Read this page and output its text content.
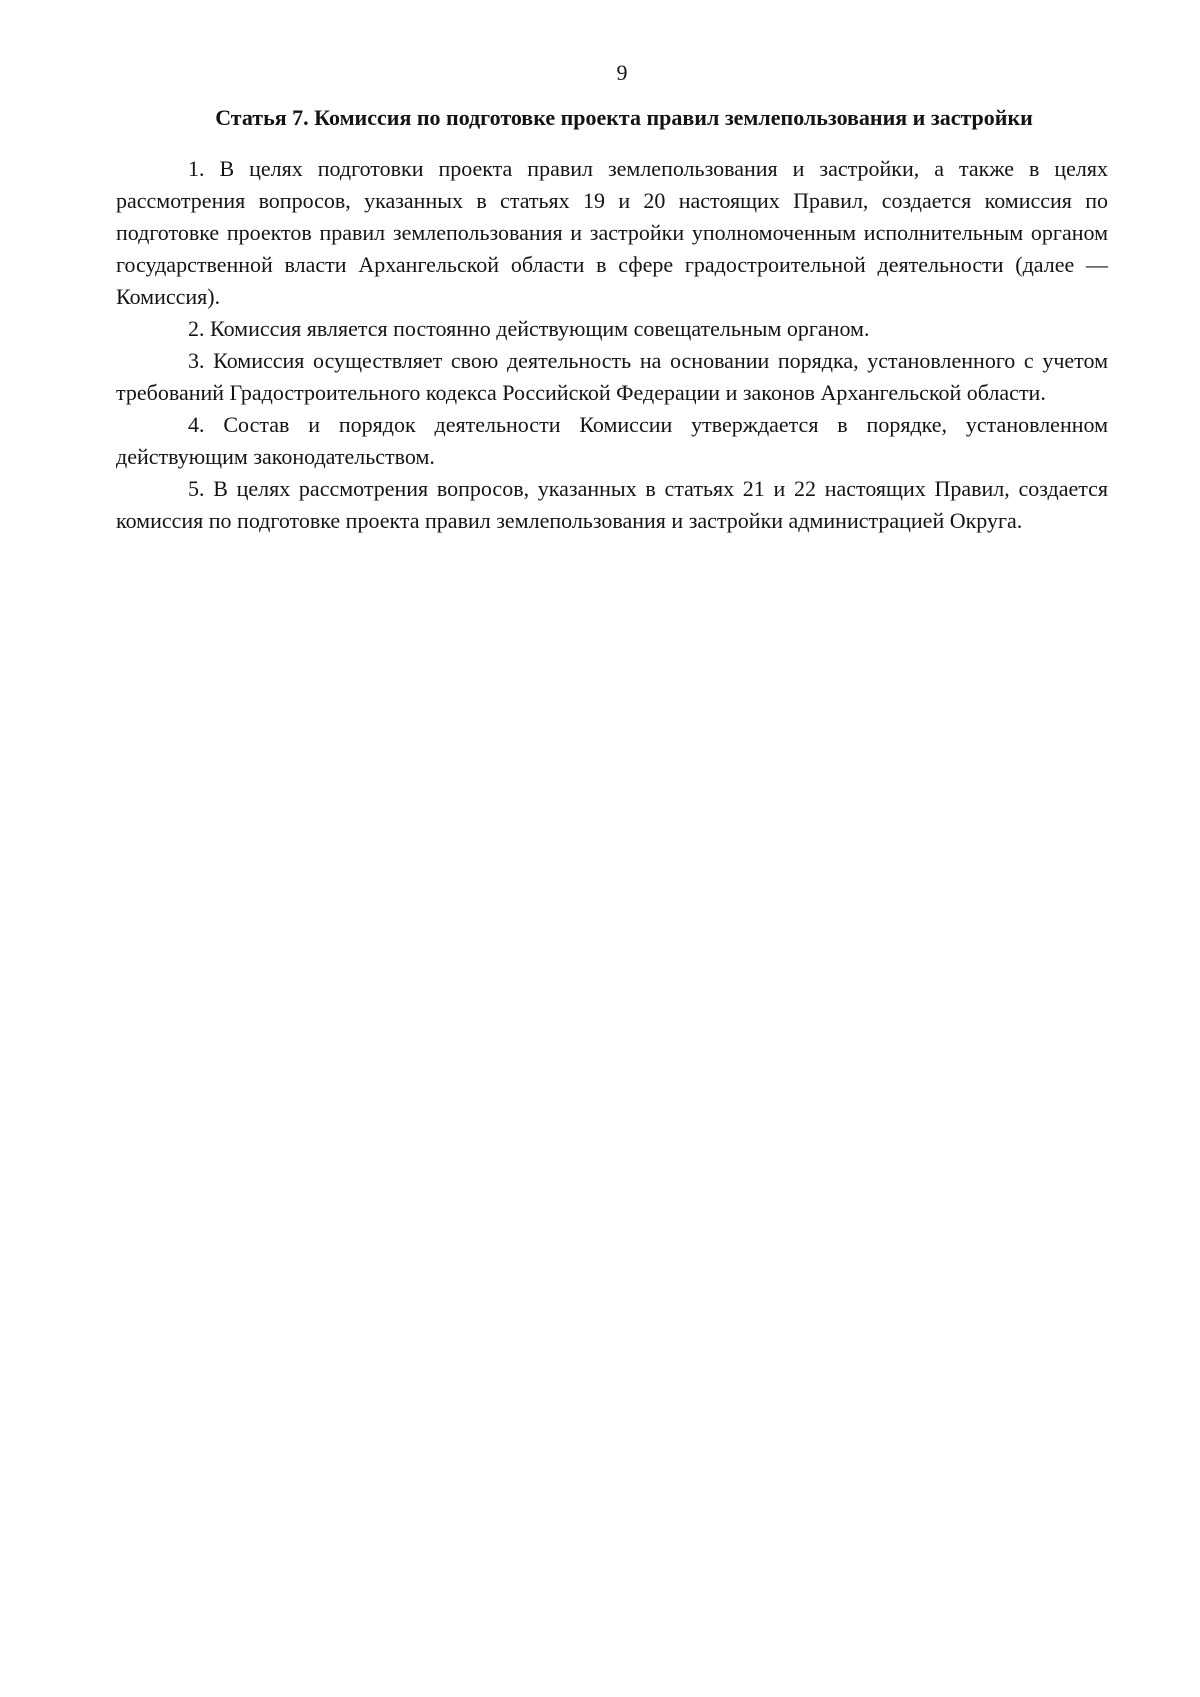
9
Статья 7. Комиссия по подготовке проекта правил землепользования и застройки

1. В целях подготовки проекта правил землепользования и застройки, а также в целях рассмотрения вопросов, указанных в статьях 19 и 20 настоящих Правил, создается комиссия по подготовке проектов правил землепользования и застройки уполномоченным исполнительным органом государственной власти Архангельской области в сфере градостроительной деятельности (далее — Комиссия).

2. Комиссия является постоянно действующим совещательным органом.

3. Комиссия осуществляет свою деятельность на основании порядка, установленного с учетом требований Градостроительного кодекса Российской Федерации и законов Архангельской области.

4. Состав и порядок деятельности Комиссии утверждается в порядке, установленном действующим законодательством.

5. В целях рассмотрения вопросов, указанных в статьях 21 и 22 настоящих Правил, создается комиссия по подготовке проекта правил землепользования и застройки администрацией Округа.
